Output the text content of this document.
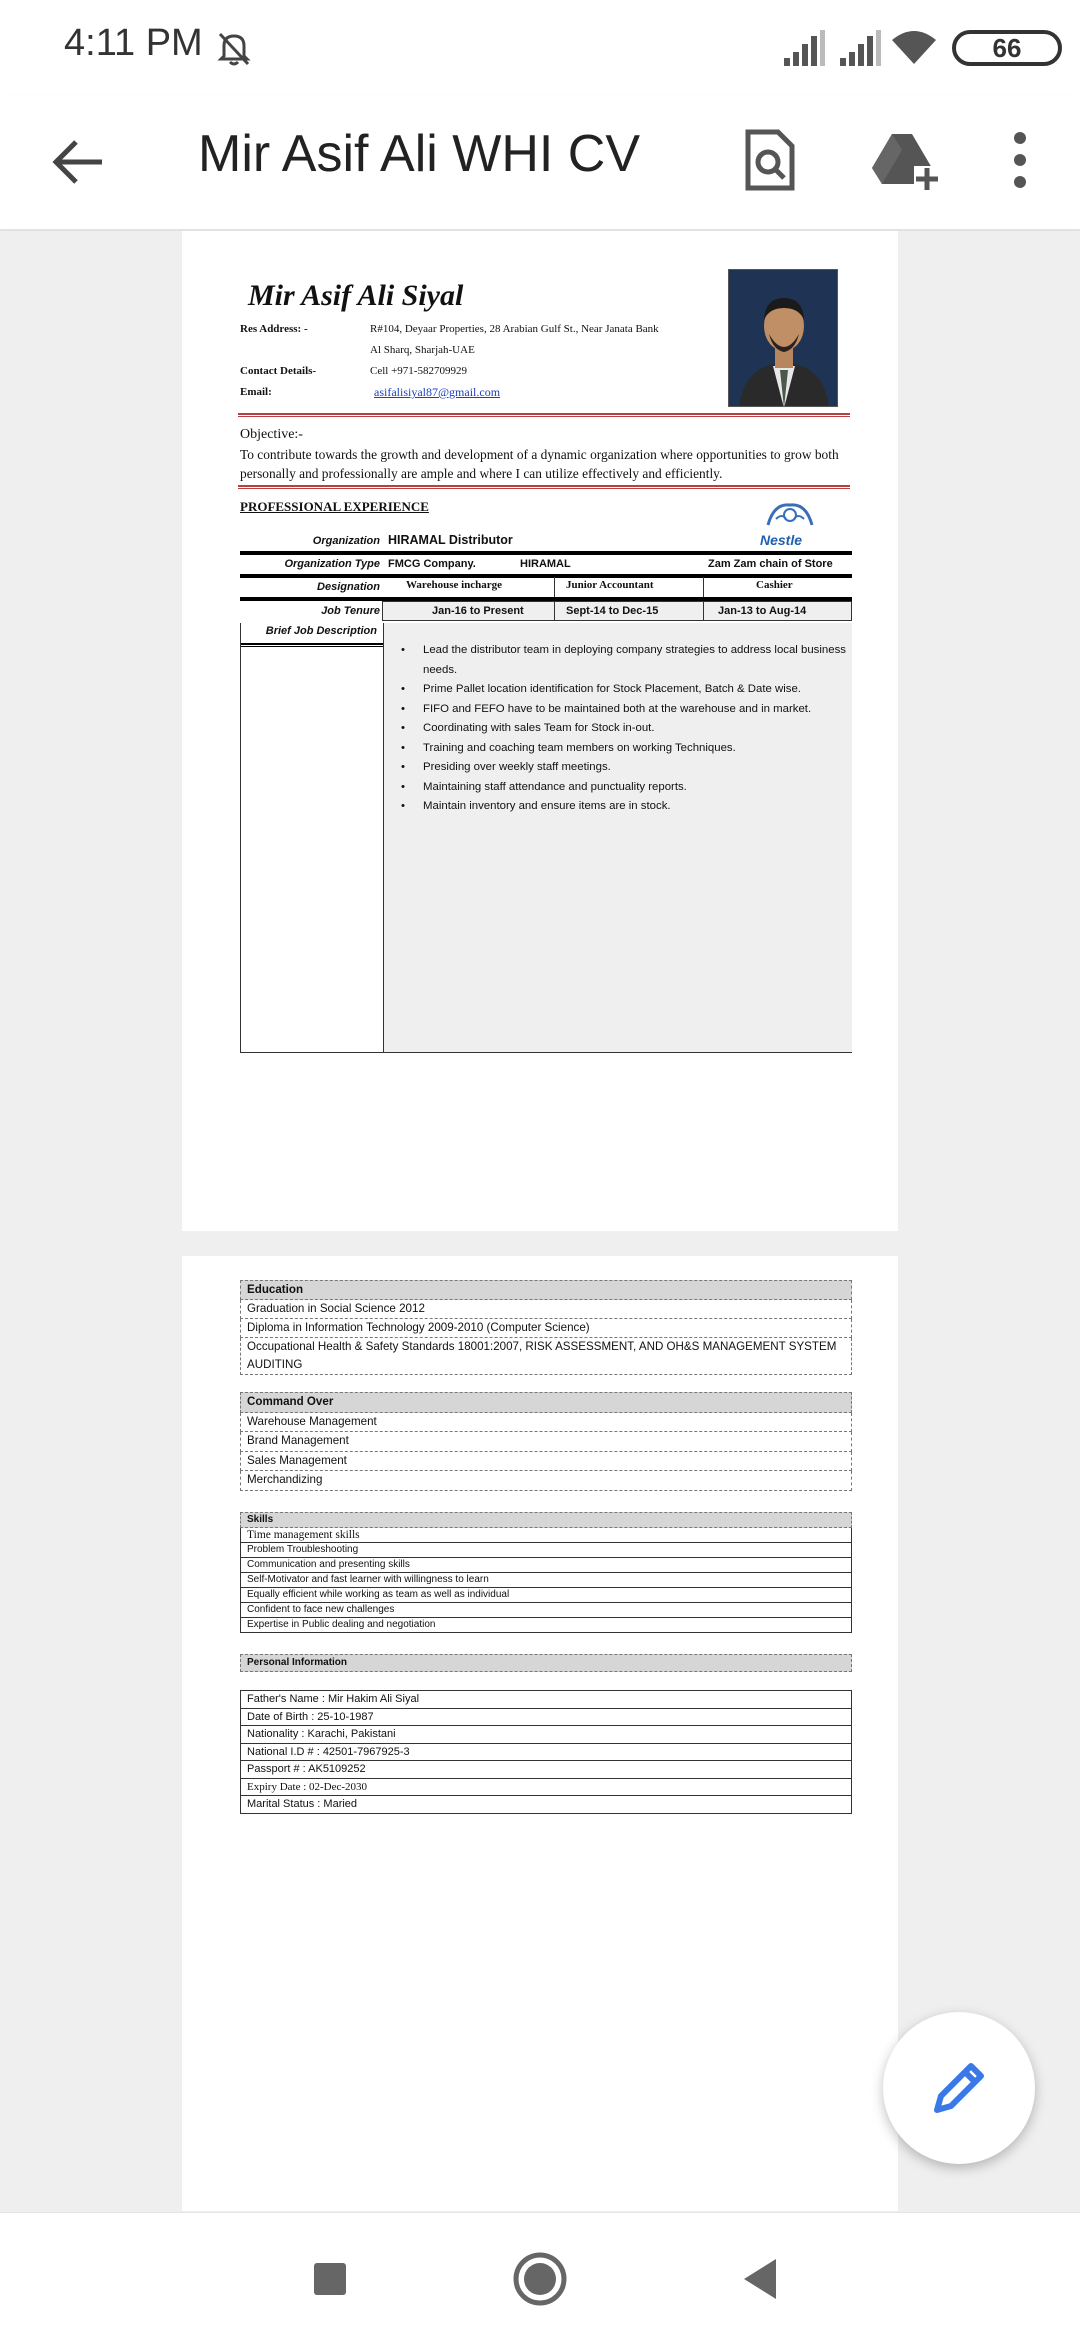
4:11 PM	66
Mir Asif Ali WHI CV
Mir Asif Ali Siyal
Res Address: -	R#104, Deyaar Properties, 28 Arabian Gulf St., Near Janata Bank
Al Sharq, Sharjah-UAE
Contact Details-	Cell +971-582709929
Email:	asifalisiyal87@gmail.com
Objective:-
To contribute towards the growth and development of a dynamic organization where opportunities to grow both personally and professionally are ample and where I can utilize effectively and efficiently.
PROFESSIONAL EXPERIENCE
Nestle
Organization HIRAMAL Distributor
Organization Type FMCG Company.	HIRAMAL	Zam Zam chain of Store
Designation Warehouse incharge	Junior Accountant	Cashier
Job Tenure	Jan-16 to Present	Sept-14 to Dec-15	Jan-13 to Aug-14
Brief Job Description
• Lead the distributor team in deploying company strategies to address local business needs.
• Prime Pallet location identification for Stock Placement, Batch & Date wise.
• FIFO and FEFO have to be maintained both at the warehouse and in market.
• Coordinating with sales Team for Stock in-out.
• Training and coaching team members on working Techniques.
• Presiding over weekly staff meetings.
• Maintaining staff attendance and punctuality reports.
• Maintain inventory and ensure items are in stock.
Education
Graduation in Social Science 2012
Diploma in Information Technology 2009-2010 (Computer Science)
Occupational Health & Safety Standards 18001:2007, RISK ASSESSMENT, AND OH&S MANAGEMENT SYSTEM AUDITING
Command Over
Warehouse Management
Brand Management
Sales Management
Merchandizing
Skills
Time management skills
Problem Troubleshooting
Communication and presenting skills
Self-Motivator and fast learner with willingness to learn
Equally efficient while working as team as well as individual
Confident to face new challenges
Expertise in Public dealing and negotiation
Personal Information
Father's Name : Mir Hakim Ali Siyal
Date of Birth : 25-10-1987
Nationality : Karachi, Pakistani
National I.D # : 42501-7967925-3
Passport # : AK5109252
Expiry Date : 02-Dec-2030
Marital Status : Maried
